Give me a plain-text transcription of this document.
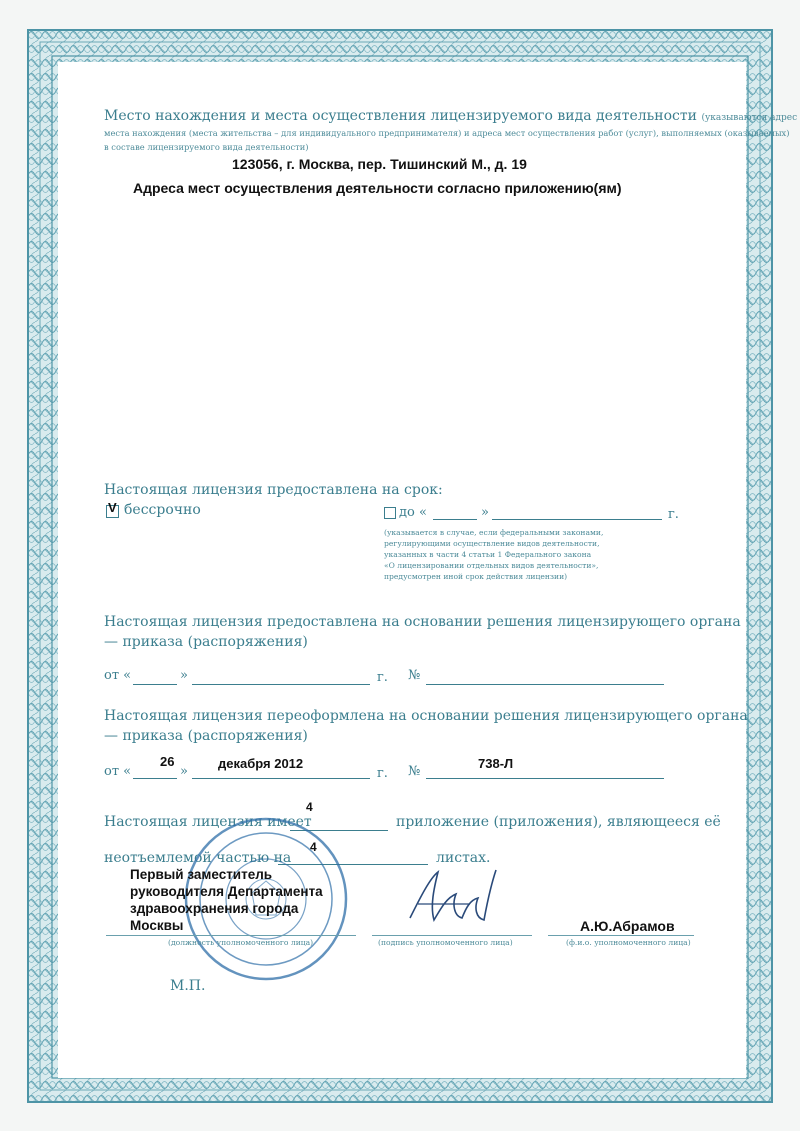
Место нахождения и места осуществления лицензируемого вида деятельности (указываются адрес
места нахождения (места жительства – для индивидуального предпринимателя) и адреса мест осуществления работ (услуг), выполняемых (оказываемых)
в составе лицензируемого вида деятельности)
123056, г. Москва, пер. Тишинский М., д. 19
Адреса мест осуществления деятельности согласно приложению(ям)
Настоящая лицензия предоставлена на срок:
V бессрочно	до «	»	г.
(указывается в случае, если федеральными законами,
регулирующими осуществление видов деятельности,
указанных в части 4 статьи 1 Федерального закона
«О лицензировании отдельных видов деятельности»,
предусмотрен иной срок действия лицензии)
Настоящая лицензия предоставлена на основании решения лицензирующего органа
— приказа (распоряжения)
от «	»	г. №
Настоящая лицензия переоформлена на основании решения лицензирующего органа
— приказа (распоряжения)
от «
26
»
декабря 2012
г. №
738-Л
Настоящая лицензия имеет
4
приложение (приложения), являющееся её
неотъемлемой частью на
4
листах.
Первый заместитель
руководителя Департамента
здравоохранения города
Москвы
(должность уполномоченного лица)	(подпись уполномоченного лица)
А.Ю.Абрамов
(ф.и.о. уполномоченного лица)
М.П.
